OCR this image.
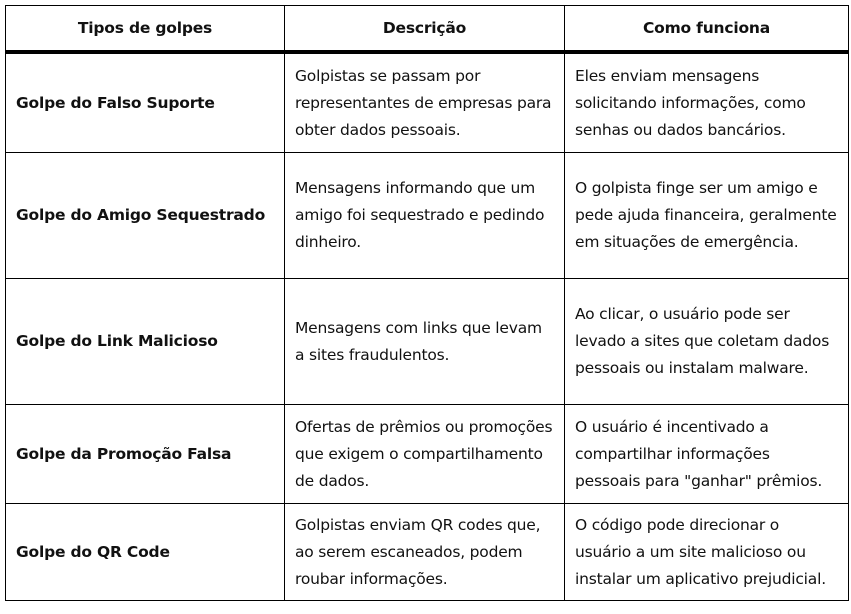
Tipos de golpes	Descrição	Como funciona
Golpe do Falso Suporte	Golpistas se passam por representantes de empresas para obter dados pessoais.	Eles enviam mensagens solicitando informações, como senhas ou dados bancários.
Golpe do Amigo Sequestrado	Mensagens informando que um amigo foi sequestrado e pedindo dinheiro.	O golpista finge ser um amigo e pede ajuda financeira, geralmente em situações de emergência.
Golpe do Link Malicioso	Mensagens com links que levam a sites fraudulentos.	Ao clicar, o usuário pode ser levado a sites que coletam dados pessoais ou instalam malware.
Golpe da Promoção Falsa	Ofertas de prêmios ou promoções que exigem o compartilhamento de dados.	O usuário é incentivado a compartilhar informações pessoais para "ganhar" prêmios.
Golpe do QR Code	Golpistas enviam QR codes que, ao serem escaneados, podem roubar informações.	O código pode direcionar o usuário a um site malicioso ou instalar um aplicativo prejudicial.
